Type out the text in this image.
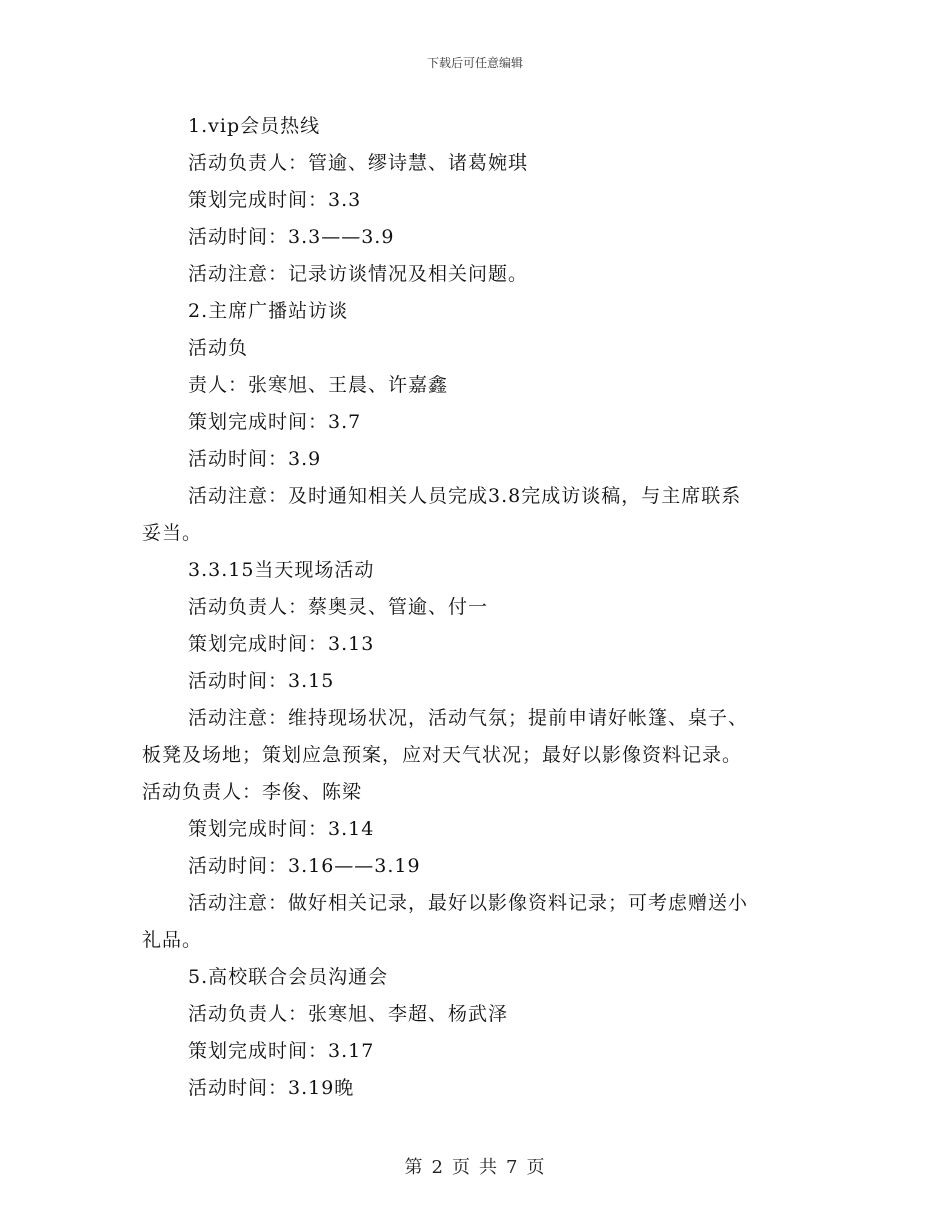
下载后可任意编辑
1.vip会员热线
活动负责人：管逾、缪诗慧、诸葛婉琪
策划完成时间：3.3
活动时间：3.3——3.9
活动注意：记录访谈情况及相关问题。
2.主席广播站访谈
活动负
责人：张寒旭、王晨、许嘉鑫
策划完成时间：3.7
活动时间：3.9
活动注意：及时通知相关人员完成3.8完成访谈稿，与主席联系
妥当。
3.3.15当天现场活动
活动负责人：蔡奥灵、管逾、付一
策划完成时间：3.13
活动时间：3.15
活动注意：维持现场状况，活动气氛；提前申请好帐篷、桌子、
板凳及场地；策划应急预案，应对天气状况；最好以影像资料记录。
活动负责人：李俊、陈梁
策划完成时间：3.14
活动时间：3.16——3.19
活动注意：做好相关记录，最好以影像资料记录；可考虑赠送小
礼品。
5.高校联合会员沟通会
活动负责人：张寒旭、李超、杨武泽
策划完成时间：3.17
活动时间：3.19晚
第 2 页 共 7 页
